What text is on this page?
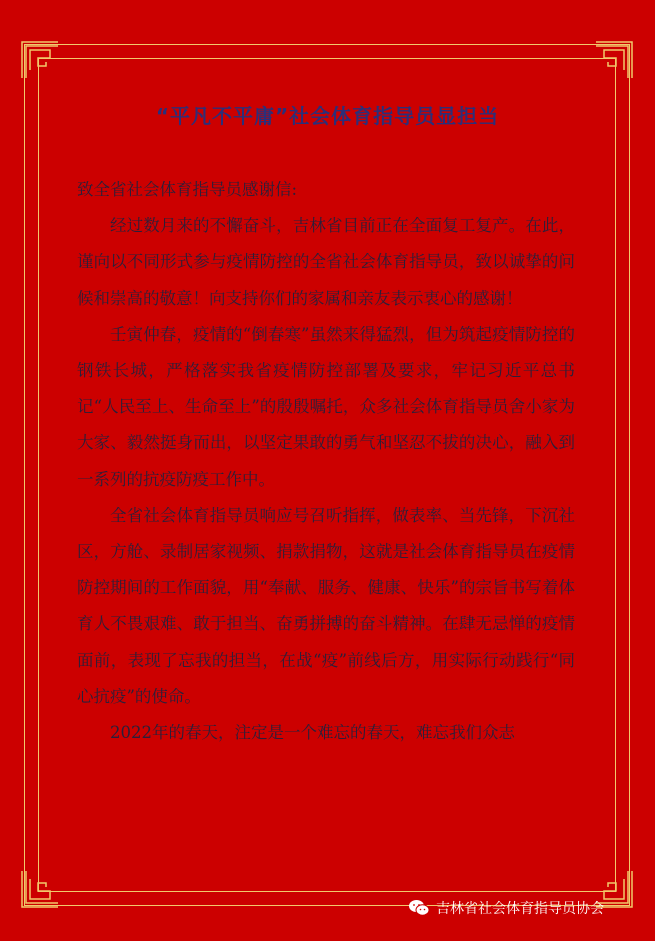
“平凡不平庸”社会体育指导员显担当

致全省社会体育指导员感谢信:

经过数月来的不懈奋斗，吉林省目前正在全面复工复产。在此，谨向以不同形式参与疫情防控的全省社会体育指导员，致以诚挚的问候和崇高的敬意！向支持你们的家属和亲友表示衷心的感谢！

壬寅仲春，疫情的“倒春寒”虽然来得猛烈，但为筑起疫情防控的钢铁长城，严格落实我省疫情防控部署及要求，牢记习近平总书记“人民至上、生命至上”的殷殷嘱托，众多社会体育指导员舍小家为大家、毅然挺身而出，以坚定果敢的勇气和坚忍不拔的决心，融入到一系列的抗疫防疫工作中。

全省社会体育指导员响应号召听指挥，做表率、当先锋，下沉社区，方舱、录制居家视频、捐款捐物，这就是社会体育指导员在疫情防控期间的工作面貌，用“奉献、服务、健康、快乐”的宗旨书写着体育人不畏艰难、敢于担当、奋勇拼搏的奋斗精神。在肆无忌惮的疫情面前，表现了忘我的担当，在战“疫”前线后方，用实际行动践行“同心抗疫”的使命。

2022年的春天，注定是一个难忘的春天，难忘我们众志

吉林省社会体育指导员协会
